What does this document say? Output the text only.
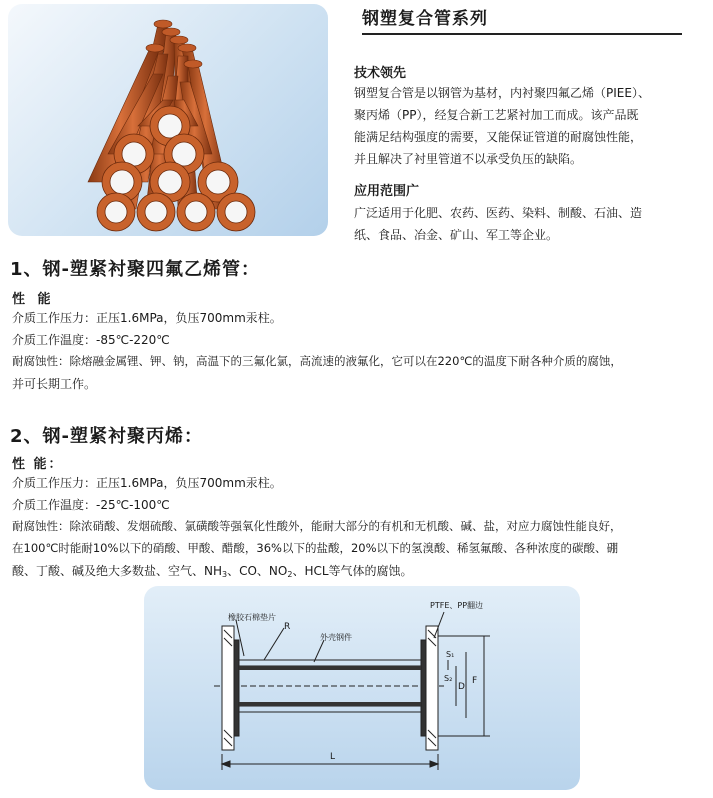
钢塑复合管系列
技术领先
钢塑复合管是以钢管为基材，内衬聚四氟乙烯（PIEE）、
聚丙烯（PP），经复合新工艺紧衬加工而成。该产品既
能满足结构强度的需要，又能保证管道的耐腐蚀性能，
并且解决了衬里管道不以承受负压的缺陷。
应用范围广
广泛适用于化肥、农药、医药、染料、制酸、石油、造
纸、食品、冶金、矿山、军工等企业。
1、钢-塑紧衬聚四氟乙烯管：
性 能
介质工作压力：正压1.6MPa，负压700mm汞柱。
介质工作温度：-85℃-220℃
耐腐蚀性：除熔融金属锂、钾、钠，高温下的三氟化氯，高流速的液氟化，它可以在220℃的温度下耐各种介质的腐蚀，
并可长期工作。
2、钢-塑紧衬聚丙烯：
性 能：
介质工作压力：正压1.6MPa，负压700mm汞柱。
介质工作温度：-25℃-100℃
耐腐蚀性：除浓硝酸、发烟硫酸、氯磺酸等强氧化性酸外，能耐大部分的有机和无机酸、碱、盐，对应力腐蚀性能良好，
在100℃时能耐10%以下的硝酸、甲酸、醋酸，36%以下的盐酸，20%以下的氢溴酸、稀氢氟酸、各种浓度的碳酸、硼
酸、丁酸、碱及绝大多数盐、空气、$NH_3$、CO、$NO_2$、HCL等气体的腐蚀。
橡胶石棉垫片
R
PTFE、PP翻边
外壳钢件
S₁
S₂
D
F
L
